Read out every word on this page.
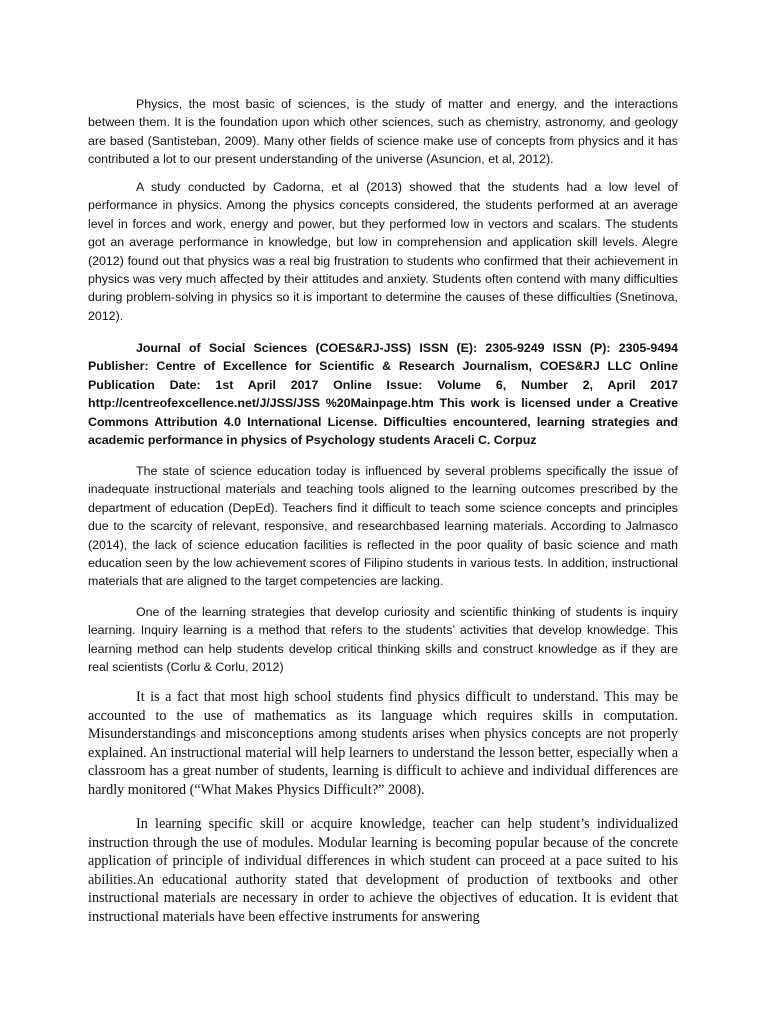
Physics, the most basic of sciences, is the study of matter and energy, and the interactions between them. It is the foundation upon which other sciences, such as chemistry, astronomy, and geology are based (Santisteban, 2009). Many other fields of science make use of concepts from physics and it has contributed a lot to our present understanding of the universe (Asuncion, et al, 2012).

A study conducted by Cadorna, et al (2013) showed that the students had a low level of performance in physics. Among the physics concepts considered, the students performed at an average level in forces and work, energy and power, but they performed low in vectors and scalars. The students got an average performance in knowledge, but low in comprehension and application skill levels. Alegre (2012) found out that physics was a real big frustration to students who confirmed that their achievement in physics was very much affected by their attitudes and anxiety. Students often contend with many difficulties during problem-solving in physics so it is important to determine the causes of these difficulties (Snetinova, 2012).

Journal of Social Sciences (COES&RJ-JSS) ISSN (E): 2305-9249 ISSN (P): 2305-9494 Publisher: Centre of Excellence for Scientific & Research Journalism, COES&RJ LLC Online Publication Date: 1st April 2017 Online Issue: Volume 6, Number 2, April 2017 http://centreofexcellence.net/J/JSS/JSS %20Mainpage.htm This work is licensed under a Creative Commons Attribution 4.0 International License. Difficulties encountered, learning strategies and academic performance in physics of Psychology students Araceli C. Corpuz

The state of science education today is influenced by several problems specifically the issue of inadequate instructional materials and teaching tools aligned to the learning outcomes prescribed by the department of education (DepEd). Teachers find it difficult to teach some science concepts and principles due to the scarcity of relevant, responsive, and researchbased learning materials. According to Jalmasco (2014), the lack of science education facilities is reflected in the poor quality of basic science and math education seen by the low achievement scores of Filipino students in various tests. In addition, instructional materials that are aligned to the target competencies are lacking.

One of the learning strategies that develop curiosity and scientific thinking of students is inquiry learning. Inquiry learning is a method that refers to the students’ activities that develop knowledge. This learning method can help students develop critical thinking skills and construct knowledge as if they are real scientists (Corlu & Corlu, 2012)

It is a fact that most high school students find physics difficult to understand. This may be accounted to the use of mathematics as its language which requires skills in computation. Misunderstandings and misconceptions among students arises when physics concepts are not properly explained. An instructional material will help learners to understand the lesson better, especially when a classroom has a great number of students, learning is difficult to achieve and individual differences are hardly monitored (“What Makes Physics Difficult?” 2008).

In learning specific skill or acquire knowledge, teacher can help student’s individualized instruction through the use of modules. Modular learning is becoming popular because of the concrete application of principle of individual differences in which student can proceed at a pace suited to his abilities.An educational authority stated that development of production of textbooks and other instructional materials are necessary in order to achieve the objectives of education. It is evident that instructional materials have been effective instruments for answering
